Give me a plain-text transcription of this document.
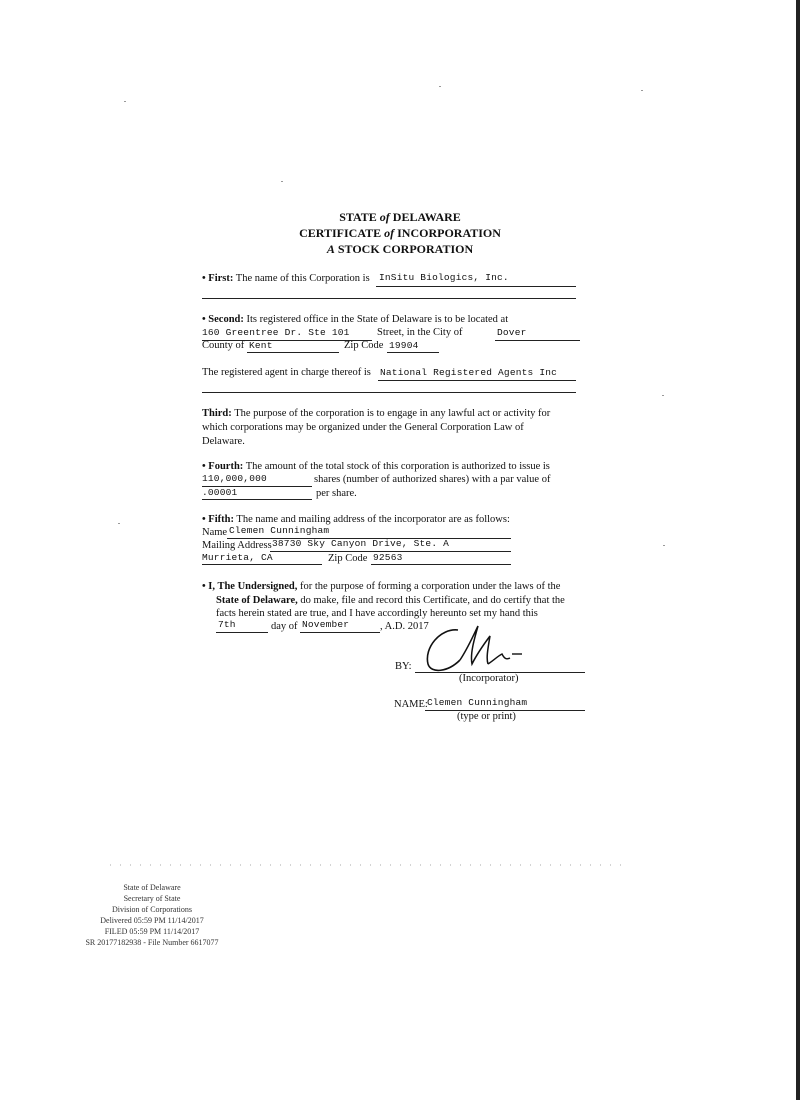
STATE of DELAWARE
CERTIFICATE of INCORPORATION
A STOCK CORPORATION
• First: The name of this Corporation is InSitu Biologics, Inc.
• Second: Its registered office in the State of Delaware is to be located at
160 Greentree Dr. Ste 101	Street, in the City of	Dover
County of Kent	Zip Code 19904
The registered agent in charge thereof is National Registered Agents Inc
Third: The purpose of the corporation is to engage in any lawful act or activity for
which corporations may be organized under the General Corporation Law of
Delaware.
• Fourth: The amount of the total stock of this corporation is authorized to issue is
110,000,000	shares (number of authorized shares) with a par value of
.00001	per share.
• Fifth: The name and mailing address of the incorporator are as follows:
Name Clemen Cunningham
Mailing Address 38730 Sky Canyon Drive, Ste. A
Murrieta, CA	Zip Code 92563
• I, The Undersigned, for the purpose of forming a corporation under the laws of the
State of Delaware, do make, file and record this Certificate, and do certify that the
facts herein stated are true, and I have accordingly hereunto set my hand this
7th	day of November	, A.D. 2017
BY:
(Incorporator)
NAME: Clemen Cunningham
(type or print)
State of Delaware
Secretary of State
Division of Corporations
Delivered 05:59 PM 11/14/2017
FILED 05:59 PM 11/14/2017
SR 20177182938 - File Number 6617077
